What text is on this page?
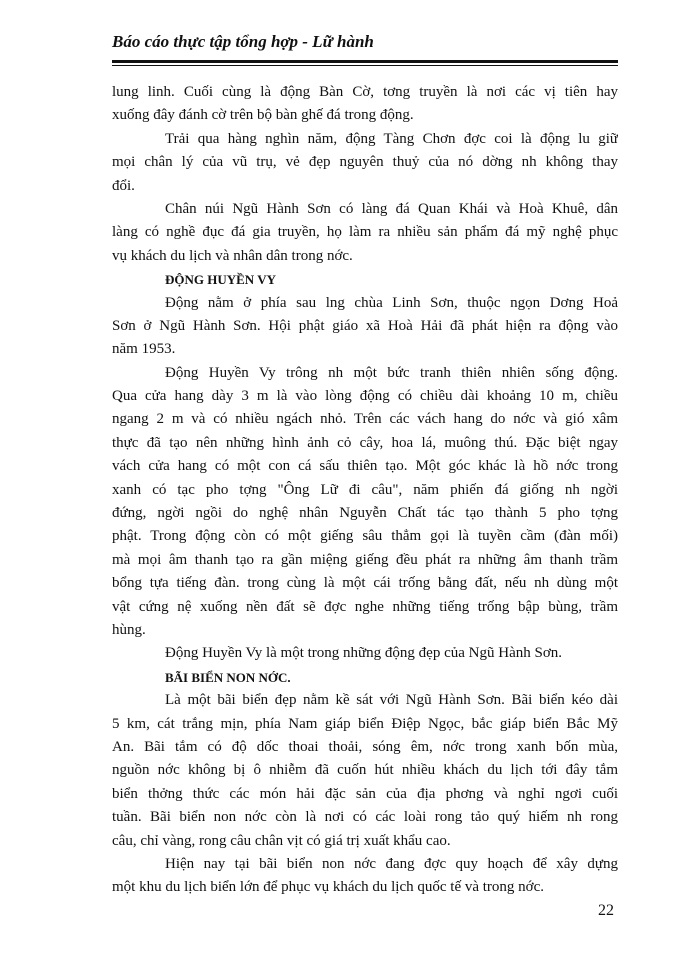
Báo cáo thực tập tổng hợp - Lữ hành
lung linh. Cuối cùng là động Bàn Cờ, tơng truyền là nơi các vị tiên hay
xuống đây đánh cờ trên bộ bàn ghế đá trong động.
Trải qua hàng nghìn năm, động Tàng Chơn đợc coi là động lu giữ
mọi chân lý của vũ trụ, vẻ đẹp nguyên thuỷ của nó dờng nh không thay
đổi.
Chân núi Ngũ Hành Sơn có làng đá Quan Khái và Hoà Khuê, dân
làng có nghề đục đá gia truyền, họ làm ra nhiều sản phẩm đá mỹ nghệ phục
vụ khách du lịch và nhân dân trong nớc.
ĐỘNG HUYỀN VY
Động nằm ở phía sau lng chùa Linh Sơn, thuộc ngọn Dơng Hoả
Sơn ở Ngũ Hành Sơn. Hội phật giáo xã Hoà Hải đã phát hiện ra động vào
năm 1953.
Động Huyền Vy trông nh một bức tranh thiên nhiên sống động.
Qua cửa hang dày 3 m là vào lòng động có chiều dài khoảng 10 m, chiều
ngang 2 m và có nhiều ngách nhỏ. Trên các vách hang do nớc và gió xâm
thực đã tạo nên những hình ảnh cỏ cây, hoa lá, muông thú. Đặc biệt ngay
vách cửa hang có một con cá sấu thiên tạo. Một góc khác là hồ nớc trong
xanh có tạc pho tợng "Ông Lữ đi câu", năm phiến đá giống nh ngời
đứng, ngời ngồi do nghệ nhân Nguyễn Chất tác tạo thành 5 pho tợng
phật. Trong động còn có một giếng sâu thẳm gọi là tuyền cầm (đàn mối)
mà mọi âm thanh tạo ra gần miệng giếng đều phát ra những âm thanh trầm
bổng tựa tiếng đàn. trong cùng là một cái trống bằng đất, nếu nh dùng một
vật cứng nệ xuống nền đất sẽ đợc nghe những tiếng trống bập bùng, trầm
hùng.
Động Huyền Vy là một trong những động đẹp của Ngũ Hành Sơn.
BÃI BIỂN NON NỚC.
Là một bãi biển đẹp nằm kề sát với Ngũ Hành Sơn. Bãi biển kéo dài
5 km, cát trắng mịn, phía Nam giáp biển Điệp Ngọc, bắc giáp biển Bắc Mỹ
An. Bãi tắm có độ dốc thoai thoải, sóng êm, nớc trong xanh bốn mùa,
nguồn nớc không bị ô nhiễm đã cuốn hút nhiều khách du lịch tới đây tắm
biển thởng thức các món hải đặc sản của địa phơng và nghỉ ngơi cuối
tuần. Bãi biển non nớc còn là nơi có các loài rong tảo quý hiếm nh rong
câu, chỉ vàng, rong câu chân vịt có giá trị xuất khẩu cao.
Hiện nay tại bãi biển non nớc đang đợc quy hoạch để xây dựng
một khu du lịch biển lớn để phục vụ khách du lịch quốc tế và trong nớc.
22
